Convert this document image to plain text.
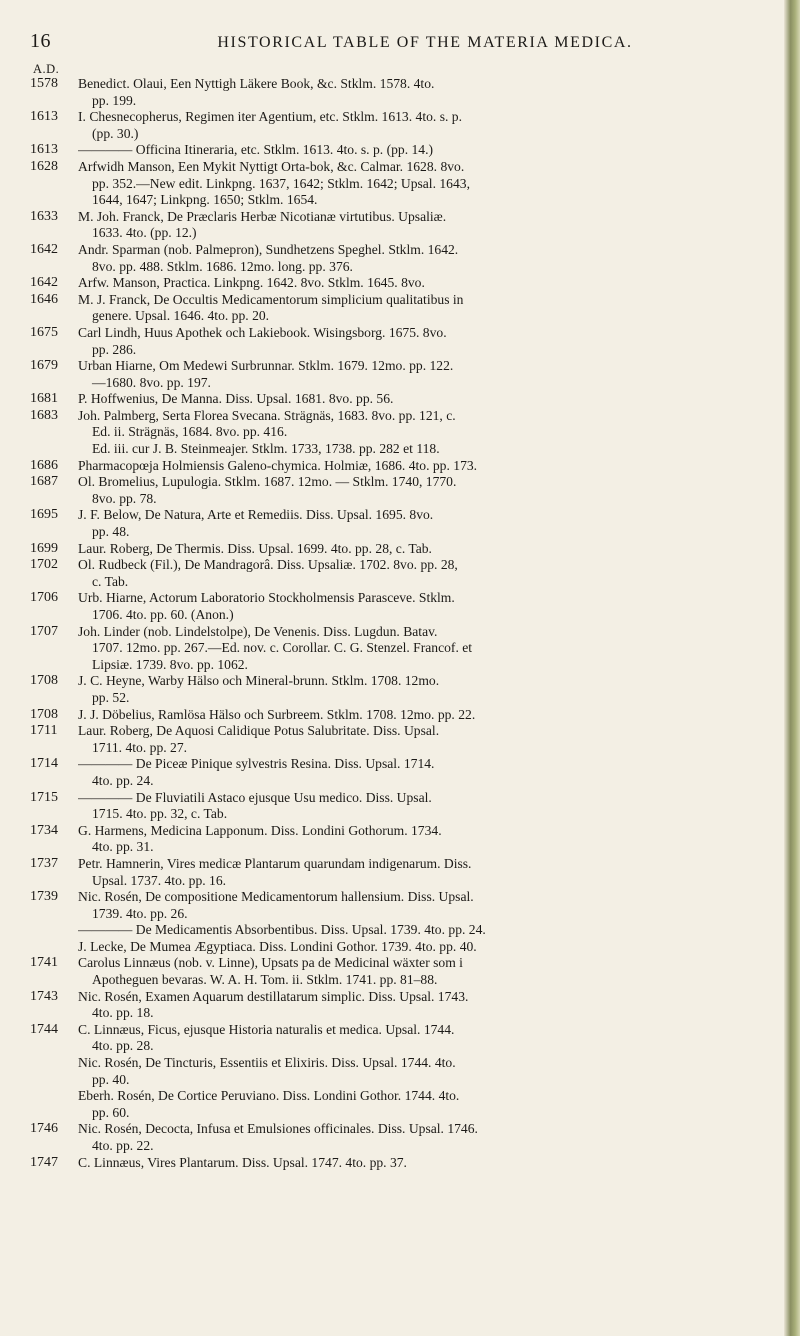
16	HISTORICAL TABLE OF THE MATERIA MEDICA.
A.D.
1578	Benedict. Olaui, Een Nyttigh Läkere Book, &c. Stklm. 1578. 4to.
pp. 199.
1613	I. Chesnecopherus, Regimen iter Agentium, etc. Stklm. 1613. 4to. s. p.
(pp. 30.)
1613	———— Officina Itineraria, etc. Stklm. 1613. 4to. s. p. (pp. 14.)
1628	Arfwidh Manson, Een Mykit Nyttigt Orta-bok, &c. Calmar. 1628. 8vo.
pp. 352.—New edit. Linkpng. 1637, 1642; Stklm. 1642; Upsal. 1643,
1644, 1647; Linkpng. 1650; Stklm. 1654.
1633	M. Joh. Franck, De Præclaris Herbæ Nicotianæ virtutibus. Upsaliæ.
1633. 4to. (pp. 12.)
1642	Andr. Sparman (nob. Palmepron), Sundhetzens Speghel. Stklm. 1642.
8vo. pp. 488. Stklm. 1686. 12mo. long. pp. 376.
1642	Arfw. Manson, Practica. Linkpng. 1642. 8vo. Stklm. 1645. 8vo.
1646	M. J. Franck, De Occultis Medicamentorum simplicium qualitatibus in
genere. Upsal. 1646. 4to. pp. 20.
1675	Carl Lindh, Huus Apothek och Lakiebook. Wisingsborg. 1675. 8vo.
pp. 286.
1679	Urban Hiarne, Om Medewi Surbrunnar. Stklm. 1679. 12mo. pp. 122.
—1680. 8vo. pp. 197.
1681	P. Hoffwenius, De Manna. Diss. Upsal. 1681. 8vo. pp. 56.
1683	Joh. Palmberg, Serta Florea Svecana. Strägnäs, 1683. 8vo. pp. 121, c.
Ed. ii. Strägnäs, 1684. 8vo. pp. 416.
Ed. iii. cur J. B. Steinmeajer. Stklm. 1733, 1738. pp. 282 et 118.
1686	Pharmacopœja Holmiensis Galeno-chymica. Holmiæ, 1686. 4to. pp. 173.
1687	Ol. Bromelius, Lupulogia. Stklm. 1687. 12mo. — Stklm. 1740, 1770.
8vo. pp. 78.
1695	J. F. Below, De Natura, Arte et Remediis. Diss. Upsal. 1695. 8vo.
pp. 48.
1699	Laur. Roberg, De Thermis. Diss. Upsal. 1699. 4to. pp. 28, c. Tab.
1702	Ol. Rudbeck (Fil.), De Mandragorâ. Diss. Upsaliæ. 1702. 8vo. pp. 28,
c. Tab.
1706	Urb. Hiarne, Actorum Laboratorio Stockholmensis Parasceve. Stklm.
1706. 4to. pp. 60. (Anon.)
1707	Joh. Linder (nob. Lindelstolpe), De Venenis. Diss. Lugdun. Batav.
1707. 12mo. pp. 267.—Ed. nov. c. Corollar. C. G. Stenzel. Francof. et
Lipsiæ. 1739. 8vo. pp. 1062.
1708	J. C. Heyne, Warby Hälso och Mineral-brunn. Stklm. 1708. 12mo.
pp. 52.
1708	J. J. Döbelius, Ramlösa Hälso och Surbreem. Stklm. 1708. 12mo. pp. 22.
1711	Laur. Roberg, De Aquosi Calidique Potus Salubritate. Diss. Upsal.
1711. 4to. pp. 27.
1714	———— De Piceæ Pinique sylvestris Resina. Diss. Upsal. 1714.
4to. pp. 24.
1715	———— De Fluviatili Astaco ejusque Usu medico. Diss. Upsal.
1715. 4to. pp. 32, c. Tab.
1734	G. Harmens, Medicina Lapponum. Diss. Londini Gothorum. 1734.
4to. pp. 31.
1737	Petr. Hamnerin, Vires medicæ Plantarum quarundam indigenarum. Diss.
Upsal. 1737. 4to. pp. 16.
1739	Nic. Rosén, De compositione Medicamentorum hallensium. Diss. Upsal.
1739. 4to. pp. 26.
———— De Medicamentis Absorbentibus. Diss. Upsal. 1739. 4to. pp. 24.
J. Lecke, De Mumea Ægyptiaca. Diss. Londini Gothor. 1739. 4to. pp. 40.
1741	Carolus Linnæus (nob. v. Linne), Upsats pa de Medicinal wäxter som i
Apotheguen bevaras. W. A. H. Tom. ii. Stklm. 1741. pp. 81–88.
1743	Nic. Rosén, Examen Aquarum destillatarum simplic. Diss. Upsal. 1743.
4to. pp. 18.
1744	C. Linnæus, Ficus, ejusque Historia naturalis et medica. Upsal. 1744.
4to. pp. 28.
Nic. Rosén, De Tincturis, Essentiis et Elixiris. Diss. Upsal. 1744. 4to.
pp. 40.
Eberh. Rosén, De Cortice Peruviano. Diss. Londini Gothor. 1744. 4to.
pp. 60.
1746	Nic. Rosén, Decocta, Infusa et Emulsiones officinales. Diss. Upsal. 1746.
4to. pp. 22.
1747	C. Linnæus, Vires Plantarum. Diss. Upsal. 1747. 4to. pp. 37.
